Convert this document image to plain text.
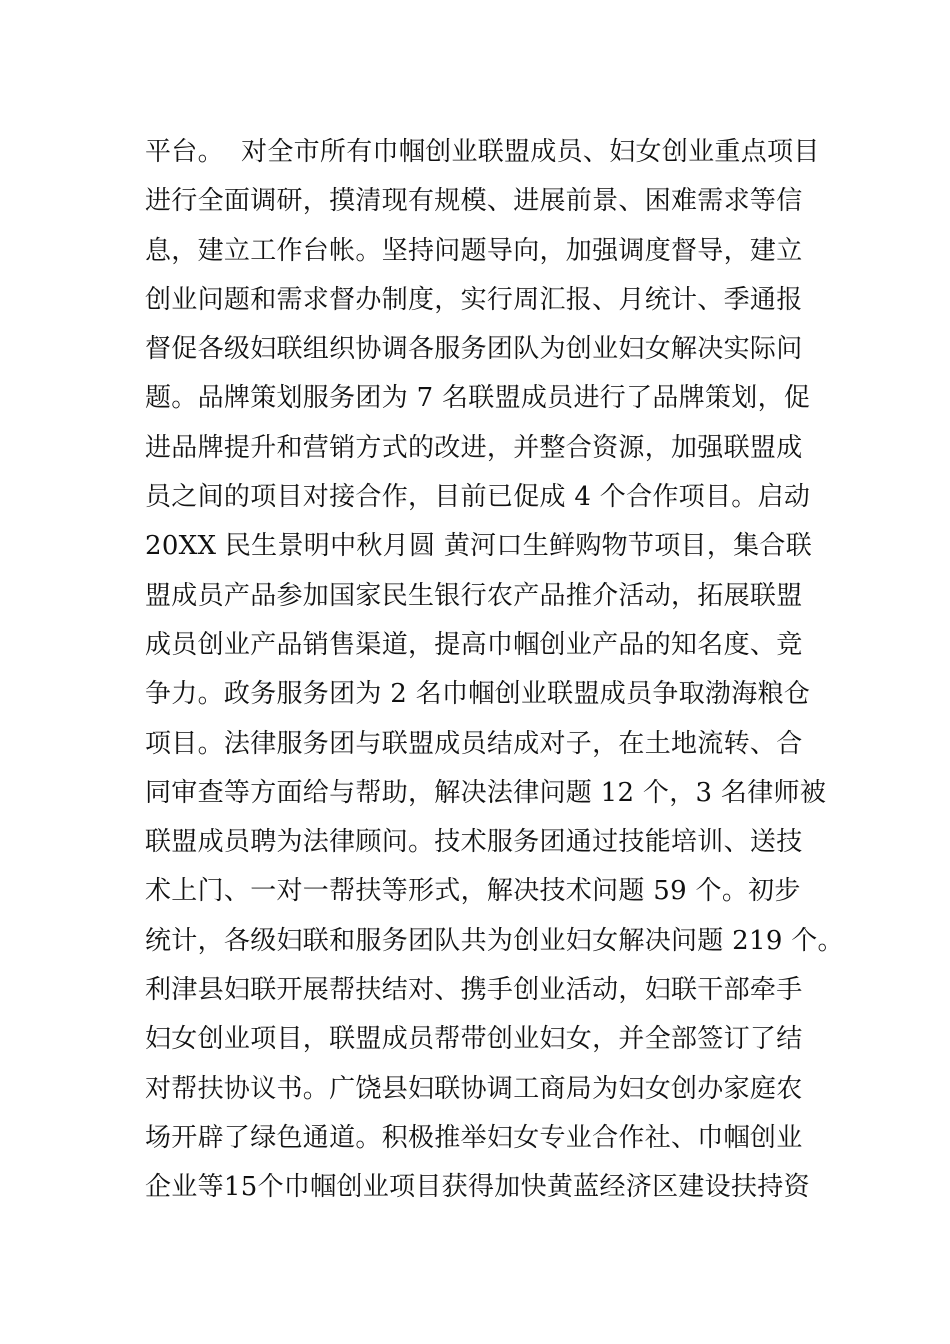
平台。  对全市所有巾帼创业联盟成员、妇女创业重点项目
进行全面调研，摸清现有规模、进展前景、困难需求等信
息，建立工作台帐。坚持问题导向，加强调度督导，建立
创业问题和需求督办制度，实行周汇报、月统计、季通报
督促各级妇联组织协调各服务团队为创业妇女解决实际问
题。品牌策划服务团为 7 名联盟成员进行了品牌策划，促
进品牌提升和营销方式的改进，并整合资源，加强联盟成
员之间的项目对接合作，目前已促成 4 个合作项目。启动
20XX 民生景明中秋月圆 黄河口生鲜购物节项目，集合联
盟成员产品参加国家民生银行农产品推介活动，拓展联盟
成员创业产品销售渠道，提高巾帼创业产品的知名度、竞
争力。政务服务团为 2 名巾帼创业联盟成员争取渤海粮仓
项目。法律服务团与联盟成员结成对子，在土地流转、合
同审查等方面给与帮助，解决法律问题 12 个，3 名律师被
联盟成员聘为法律顾问。技术服务团通过技能培训、送技
术上门、一对一帮扶等形式，解决技术问题 59 个。初步
统计，各级妇联和服务团队共为创业妇女解决问题 219 个。
利津县妇联开展帮扶结对、携手创业活动，妇联干部牵手
妇女创业项目，联盟成员帮带创业妇女，并全部签订了结
对帮扶协议书。广饶县妇联协调工商局为妇女创办家庭农
场开辟了绿色通道。积极推举妇女专业合作社、巾帼创业
企业等15个巾帼创业项目获得加快黄蓝经济区建设扶持资
